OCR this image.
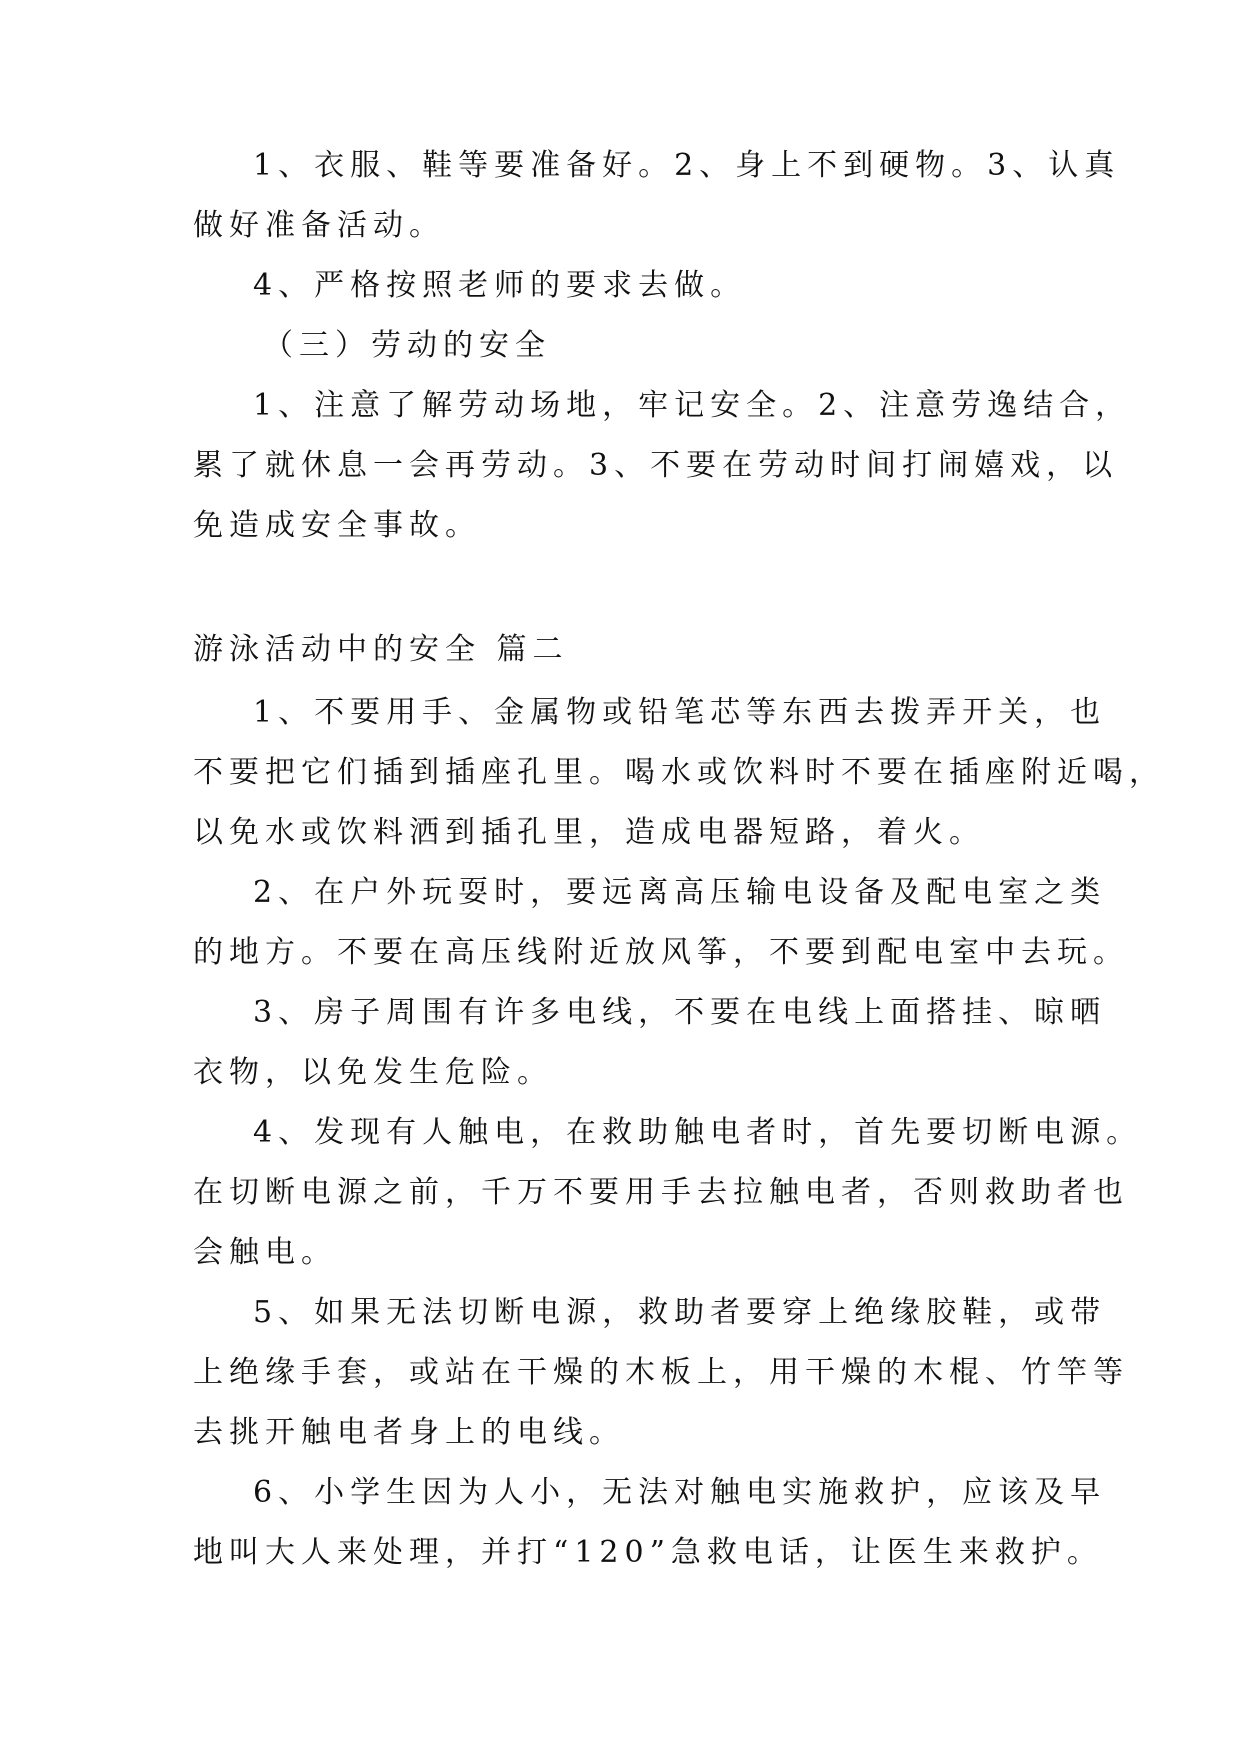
1、衣服、鞋等要准备好。2、身上不到硬物。3、认真
做好准备活动。
4、严格按照老师的要求去做。
（三）劳动的安全
1、注意了解劳动场地，牢记安全。2、注意劳逸结合，
累了就休息一会再劳动。3、不要在劳动时间打闹嬉戏，以
免造成安全事故。
游泳活动中的安全 篇二
1、不要用手、金属物或铅笔芯等东西去拨弄开关，也
不要把它们插到插座孔里。喝水或饮料时不要在插座附近喝，
以免水或饮料洒到插孔里，造成电器短路，着火。
2、在户外玩耍时，要远离高压输电设备及配电室之类
的地方。不要在高压线附近放风筝，不要到配电室中去玩。
3、房子周围有许多电线，不要在电线上面搭挂、晾晒
衣物，以免发生危险。
4、发现有人触电，在救助触电者时，首先要切断电源。
在切断电源之前，千万不要用手去拉触电者，否则救助者也
会触电。
5、如果无法切断电源，救助者要穿上绝缘胶鞋，或带
上绝缘手套，或站在干燥的木板上，用干燥的木棍、竹竿等
去挑开触电者身上的电线。
6、小学生因为人小，无法对触电实施救护，应该及早
地叫大人来处理，并打“120”急救电话，让医生来救护。
